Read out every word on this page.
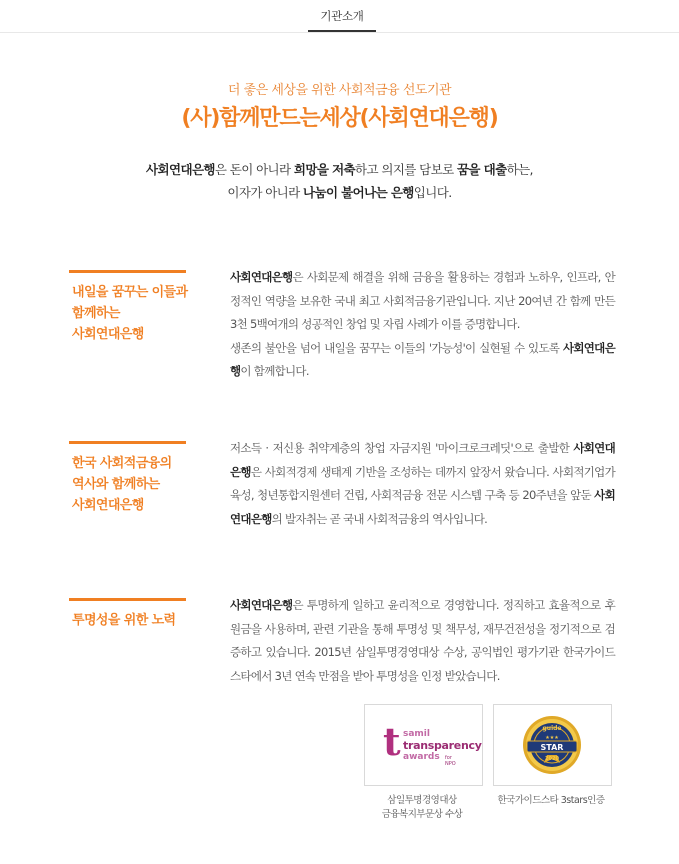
기관소개
더 좋은 세상을 위한 사회적금융 선도기관
(사)함께만드는세상(사회연대은행)
사회연대은행은 돈이 아니라 희망을 저축하고 의지를 담보로 꿈을 대출하는,
이자가 아니라 나눔이 불어나는 은행입니다.
내일을 꿈꾸는 이들과
함께하는
사회연대은행
사회연대은행은 사회문제 해결을 위해 금융을 활용하는 경험과 노하우, 인프라, 안정적인 역량을 보유한 국내 최고 사회적금융기관입니다. 지난 20여년 간 함께 만든 3천 5백여개의 성공적인 창업 및 자립 사례가 이를 증명합니다.
생존의 불안을 넘어 내일을 꿈꾸는 이들의 '가능성'이 실현될 수 있도록 사회연대은행이 함께합니다.
한국 사회적금융의
역사와 함께하는
사회연대은행
저소득 · 저신용 취약계층의 창업 자금지원 '마이크로크레딧'으로 출발한 사회연대은행은 사회적경제 생태계 기반을 조성하는 데까지 앞장서 왔습니다. 사회적기업가 육성, 청년통합지원센터 건립, 사회적금융 전문 시스템 구축 등 20주년을 앞둔 사회연대은행의 발자취는 곧 국내 사회적금융의 역사입니다.
투명성을 위한 노력
사회연대은행은 투명하게 일하고 윤리적으로 경영합니다. 정직하고 효율적으로 후원금을 사용하며, 관련 기관을 통해 투명성 및 책무성, 재무건전성을 정기적으로 검증하고 있습니다. 2015년 삼일투명경영대상 수상, 공익법인 평가기관 한국가이드스타에서 3년 연속 만점을 받아 투명성을 인정 받았습니다.
t samil
transparency
awards for NPO
삼일투명경영대상
금융복지부문상 수상
guide
STAR
★★★
2020
한국가이드스타 3stars인증
